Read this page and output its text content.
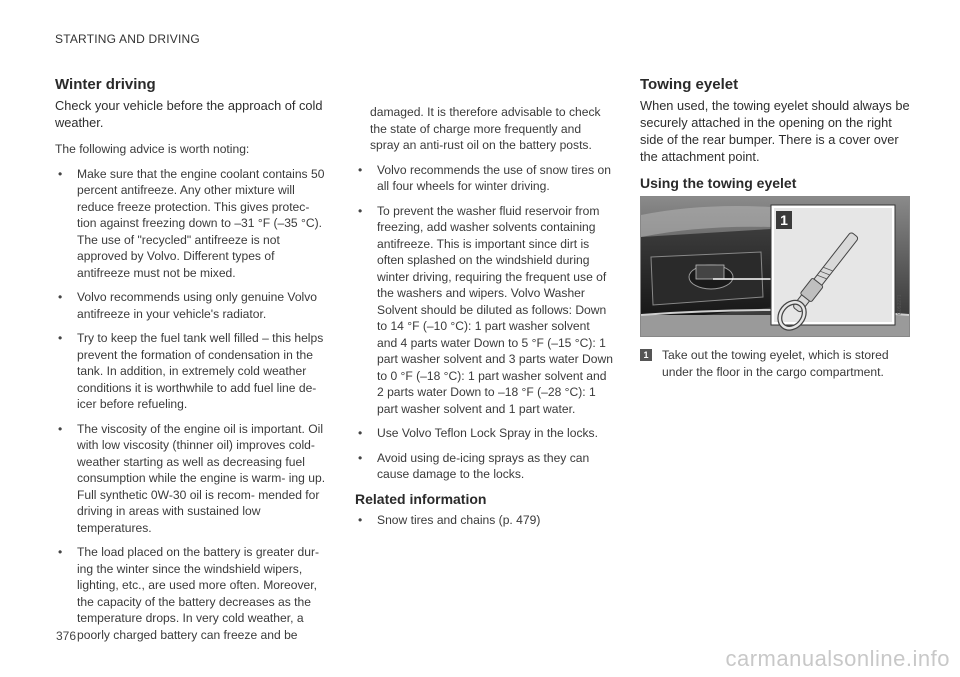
STARTING AND DRIVING
Winter driving
Check your vehicle before the approach of cold weather.

The following advice is worth noting:

• Make sure that the engine coolant contains 50 percent antifreeze. Any other mixture will reduce freeze protection. This gives protec- tion against freezing down to –31 °F (–35 °C). The use of "recycled" antifreeze is not approved by Volvo. Different types of antifreeze must not be mixed.
• Volvo recommends using only genuine Volvo antifreeze in your vehicle's radiator.
• Try to keep the fuel tank well filled – this helps prevent the formation of condensation in the tank. In addition, in extremely cold weather conditions it is worthwhile to add fuel line de-icer before refueling.
• The viscosity of the engine oil is important. Oil with low viscosity (thinner oil) improves cold-weather starting as well as decreasing fuel consumption while the engine is warm- ing up. Full synthetic 0W-30 oil is recom- mended for driving in areas with sustained low temperatures.
• The load placed on the battery is greater dur- ing the winter since the windshield wipers, lighting, etc., are used more often. Moreover, the capacity of the battery decreases as the temperature drops. In very cold weather, a poorly charged battery can freeze and be
damaged. It is therefore advisable to check the state of charge more frequently and spray an anti-rust oil on the battery posts.
• Volvo recommends the use of snow tires on all four wheels for winter driving.
• To prevent the washer fluid reservoir from freezing, add washer solvents containing antifreeze. This is important since dirt is often splashed on the windshield during winter driving, requiring the frequent use of the washers and wipers. Volvo Washer Solvent should be diluted as follows: Down to 14 °F (–10 °C): 1 part washer solvent and 4 parts water Down to 5 °F (–15 °C): 1 part washer solvent and 3 parts water Down to 0 °F (–18 °C): 1 part washer solvent and 2 parts water Down to –18 °F (–28 °C): 1 part washer solvent and 1 part water.
• Use Volvo Teflon Lock Spray in the locks.
• Avoid using de-icing sprays as they can cause damage to the locks.
Related information
• Snow tires and chains (p. 479)
Towing eyelet
When used, the towing eyelet should always be securely attached in the opening on the right side of the rear bumper. There is a cover over the attachment point.
Using the towing eyelet
1
G052271
1 Take out the towing eyelet, which is stored under the floor in the cargo compartment.
376
carmanualsonline.info
